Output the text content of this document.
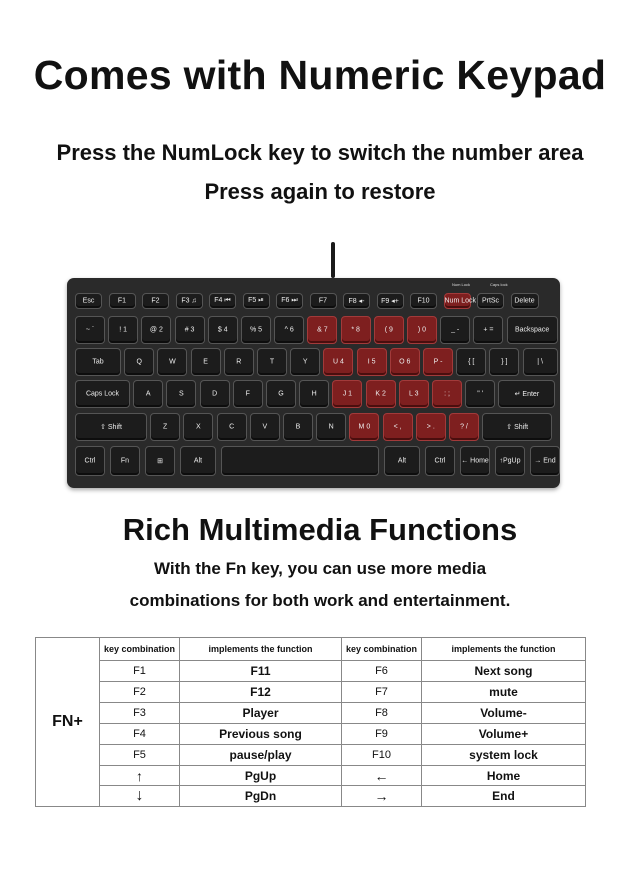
Comes with Numeric Keypad
Press the NumLock key to switch the number area
Press again to restore
Num Lock	Caps lock
Esc	F1	F2	F3 ♫	F4 ⏮	F5 ⏯	F6 ⏭	F7	F8 ◂-	F9 ◂+	F10	Num Lock PrtSc	Delete
~ `	! 1	@ 2	# 3	$ 4	% 5	^ 6	& 7	* 8	( 9	) 0	_ -	+ =	Backspace
Tab	Q	W	E	R	T	Y	U 4	I 5	O 6	P -	{ [	} ]	| \
Caps Lock	A	S	D	F	G	H	J 1	K 2	L 3	: ;	" '	↵ Enter
⇧ Shift	Z	X	C	V	B	N	M 0	< ,	> .	? /	⇧ Shift
Ctrl	Fn	⊞	Alt	Alt	Ctrl	← Home	↑PgUp	→ End
Rich Multimedia Functions
With the Fn key, you can use more media
combinations for both work and entertainment.
FN+
key combination	implements the function	key combination	implements the function
F1	F11	F6	Next song
F2	F12	F7	mute
F3	Player	F8	Volume-
F4	Previous song	F9	Volume+
F5	pause/play	F10	system lock
↑	PgUp	←	Home
↓	PgDn	→	End
